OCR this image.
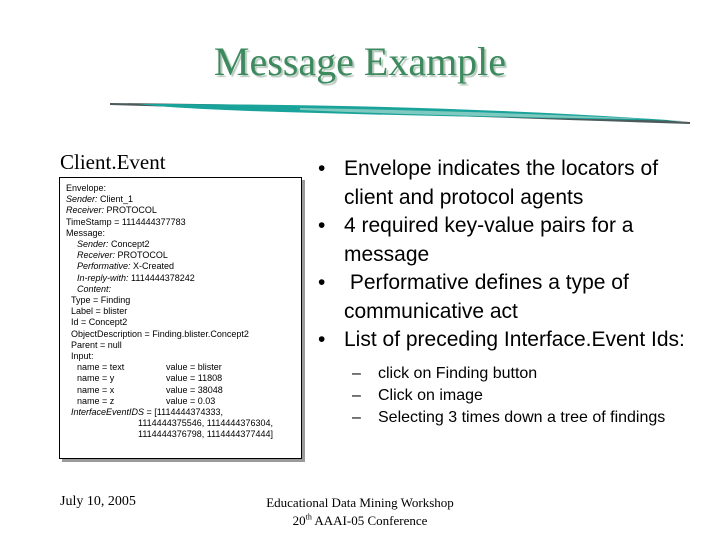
Message Example
Client.Event
Envelope:
Sender: Client_1
Receiver: PROTOCOL
TimeStamp = 1114444377783
Message:
Sender: Concept2
Receiver: PROTOCOL
Performative: X-Created
In-reply-with: 1114444378242
Content:
Type = Finding
Label = blister
Id = Concept2
ObjectDescription = Finding.blister.Concept2
Parent = null
Input:
name = text	value = blister
name = y	value = 11808
name = x	value = 38048
name = z	value = 0.03
InterfaceEventIDS = [1114444374333,
1114444375546, 1114444376304,
1114444376798, 1114444377444]
• Envelope indicates the locators of client and protocol agents
• 4 required key-value pairs for a message
• Performative defines a type of communicative act
• List of preceding Interface.Event Ids:
– click on Finding button
– Click on image
– Selecting 3 times down a tree of findings
July 10, 2005	Educational Data Mining Workshop
20th AAAI-05 Conference
